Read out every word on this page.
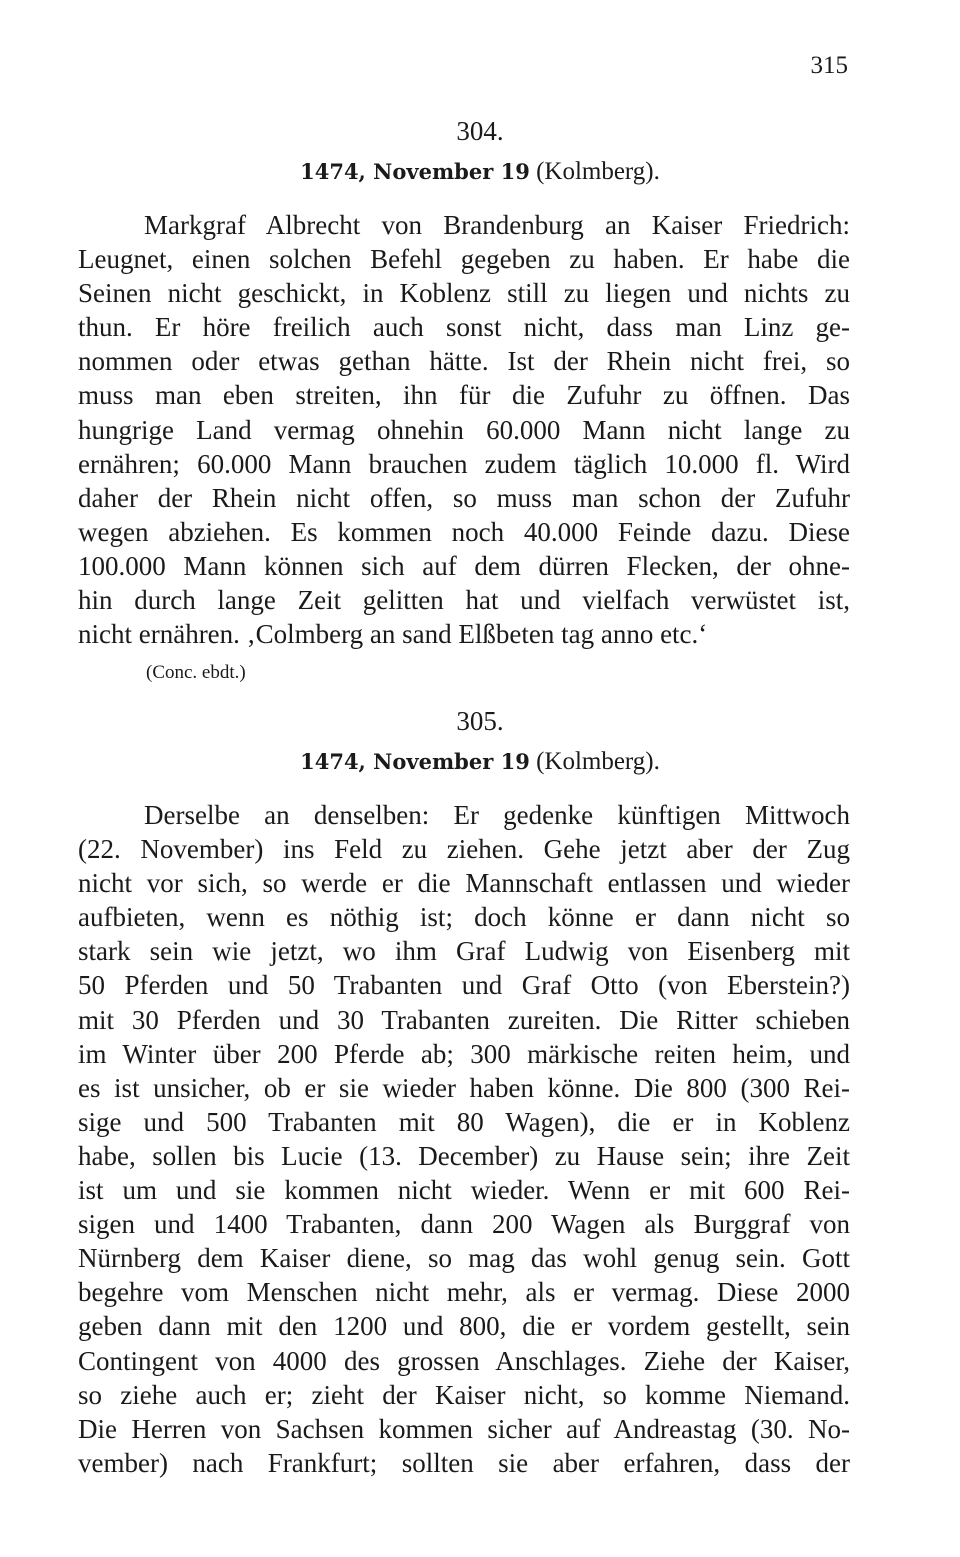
315
304.
1474, November 19 (Kolmberg).
Markgraf Albrecht von Brandenburg an Kaiser Friedrich:
Leugnet, einen solchen Befehl gegeben zu haben. Er habe die
Seinen nicht geschickt, in Koblenz still zu liegen und nichts zu
thun. Er höre freilich auch sonst nicht, dass man Linz ge-
nommen oder etwas gethan hätte. Ist der Rhein nicht frei, so
muss man eben streiten, ihn für die Zufuhr zu öffnen. Das
hungrige Land vermag ohnehin 60.000 Mann nicht lange zu
ernähren; 60.000 Mann brauchen zudem täglich 10.000 fl. Wird
daher der Rhein nicht offen, so muss man schon der Zufuhr
wegen abziehen. Es kommen noch 40.000 Feinde dazu. Diese
100.000 Mann können sich auf dem dürren Flecken, der ohne-
hin durch lange Zeit gelitten hat und vielfach verwüstet ist,
nicht ernähren. ‚Colmberg an sand Elßbeten tag anno etc.‘
(Conc. ebdt.)
305.
1474, November 19 (Kolmberg).
Derselbe an denselben: Er gedenke künftigen Mittwoch
(22. November) ins Feld zu ziehen. Gehe jetzt aber der Zug
nicht vor sich, so werde er die Mannschaft entlassen und wieder
aufbieten, wenn es nöthig ist; doch könne er dann nicht so
stark sein wie jetzt, wo ihm Graf Ludwig von Eisenberg mit
50 Pferden und 50 Trabanten und Graf Otto (von Eberstein?)
mit 30 Pferden und 30 Trabanten zureiten. Die Ritter schieben
im Winter über 200 Pferde ab; 300 märkische reiten heim, und
es ist unsicher, ob er sie wieder haben könne. Die 800 (300 Rei-
sige und 500 Trabanten mit 80 Wagen), die er in Koblenz
habe, sollen bis Lucie (13. December) zu Hause sein; ihre Zeit
ist um und sie kommen nicht wieder. Wenn er mit 600 Rei-
sigen und 1400 Trabanten, dann 200 Wagen als Burggraf von
Nürnberg dem Kaiser diene, so mag das wohl genug sein. Gott
begehre vom Menschen nicht mehr, als er vermag. Diese 2000
geben dann mit den 1200 und 800, die er vordem gestellt, sein
Contingent von 4000 des grossen Anschlages. Ziehe der Kaiser,
so ziehe auch er; zieht der Kaiser nicht, so komme Niemand.
Die Herren von Sachsen kommen sicher auf Andreastag (30. No-
vember) nach Frankfurt; sollten sie aber erfahren, dass der
